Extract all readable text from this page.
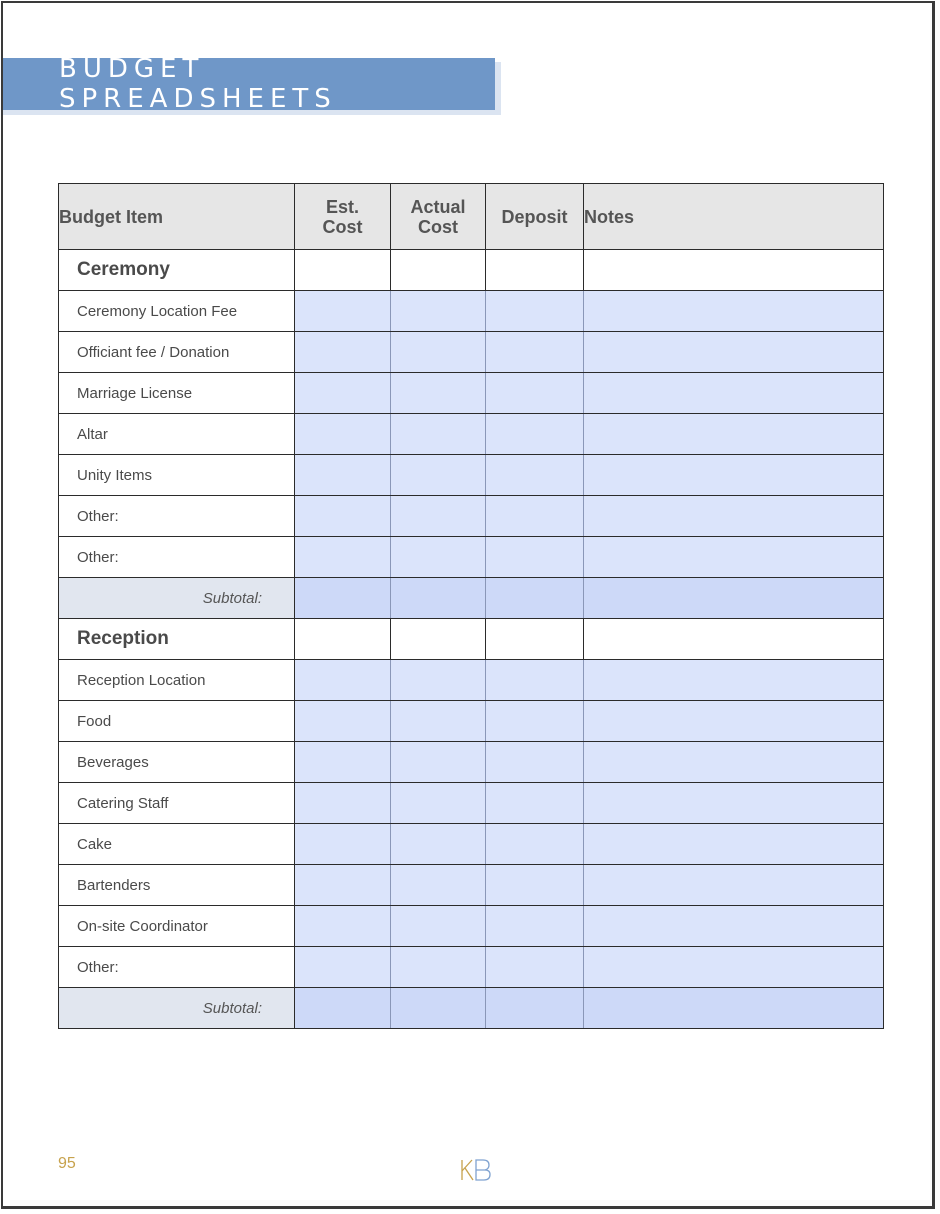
BUDGET SPREADSHEETS
Budget Item	Est. Cost	Actual Cost	Deposit	Notes
Ceremony				
Ceremony Location Fee				
Officiant fee / Donation				
Marriage License				
Altar				
Unity Items				
Other:				
Other:				
Subtotal:				
Reception				
Reception Location				
Food				
Beverages				
Catering Staff				
Cake				
Bartenders				
On-site Coordinator				
Other:				
Subtotal:				
95
